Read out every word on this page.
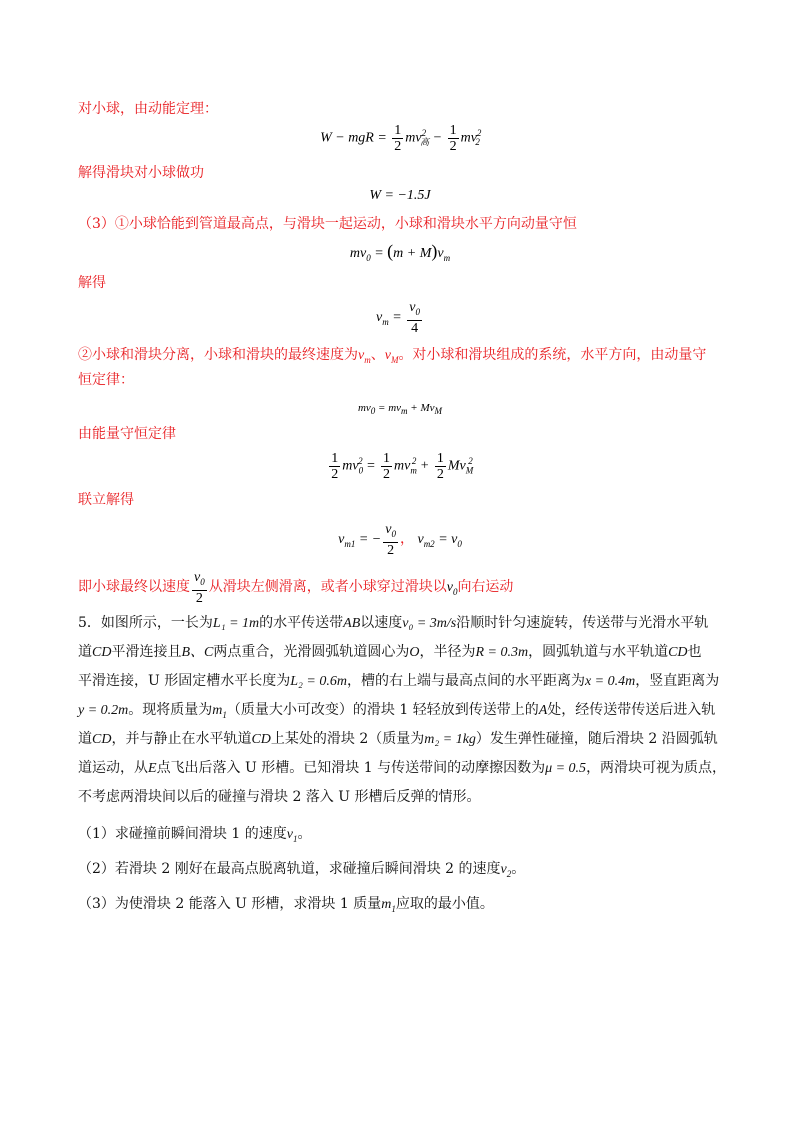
对小球，由动能定理：
W − mgR = $\frac{1}{2} mv^2_高 - \frac{1}{2} mv^2_2$
解得滑块对小球做功
W = −1.5J
（3）①小球恰能到管道最高点，与滑块一起运动，小球和滑块水平方向动量守恒
$mv_0 = (m + M)v_m$
解得
$v_m = \frac{v_0}{4}$
②小球和滑块分离，小球和滑块的最终速度为$v_m$、$v_M$。对小球和滑块组成的系统，水平方向，由动量守
恒定律：
$mv_0 = mv_m + Mv_M$
由能量守恒定律
$\frac{1}{2} mv_0^2 = \frac{1}{2} mv_m^2 + \frac{1}{2} Mv_M^2$
联立解得
$v_{m1}$ = − $\frac{v_0}{2}$ ， $v_{m2} = v_0$
即小球最终以速度 $\frac{v_0}{2}$ 从滑块左侧滑离，或者小球穿过滑块以$v_0$向右运动
5．如图所示，一长为L₁ = 1m的水平传送带AB以速度v₀ = 3m/s沿顺时针匀速旋转，传送带与光滑水平轨
道CD平滑连接且B、C两点重合，光滑圆弧轨道圆心为O，半径为R = 0.3m，圆弧轨道与水平轨道CD也
平滑连接，U 形固定槽水平长度为L₂ = 0.6m，槽的右上端与最高点间的水平距离为x = 0.4m，竖直距离为
y = 0.2m。现将质量为$m_1$（质量大小可改变）的滑块 1 轻轻放到传送带上的A处，经传送带传送后进入轨
道CD，并与静止在水平轨道CD上某处的滑块 2（质量为m₂ = 1kg）发生弹性碰撞，随后滑块 2 沿圆弧轨
道运动，从E点飞出后落入 U 形槽。已知滑块 1 与传送带间的动摩擦因数为μ = 0.5，两滑块可视为质点，
不考虑两滑块间以后的碰撞与滑块 2 落入 U 形槽后反弹的情形。
（1）求碰撞前瞬间滑块 1 的速度$v_1$。
（2）若滑块 2 刚好在最高点脱离轨道，求碰撞后瞬间滑块 2 的速度$v_2$。
（3）为使滑块 2 能落入 U 形槽，求滑块 1 质量$m_1$应取的最小值。
